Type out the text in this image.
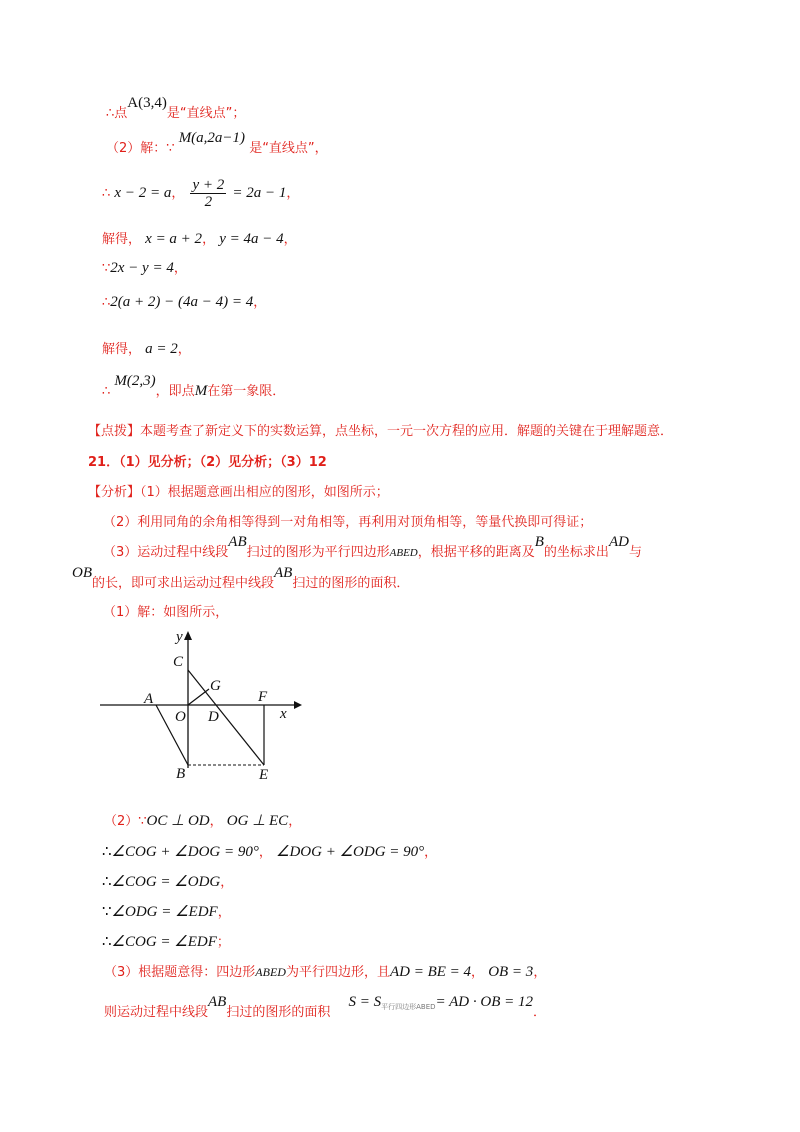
∴点A(3,4)是“直线点”；
（2）解：∵ M(a,2a−1) 是“直线点”，
∴ x − 2 = a， $\frac{y + 2}{2} = 2a - 1$，
解得， x = a + 2， y = 4a − 4，
∵2x − y = 4，
∴2(a + 2) − (4a − 4) = 4，
解得， a = 2，
∴ M(2,3)，即点M在第一象限．
【点拨】本题考查了新定义下的实数运算，点坐标，一元一次方程的应用．解题的关键在于理解题意．
21．（1）见分析；（2）见分析；（3）12
【分析】（1）根据题意画出相应的图形，如图所示；
（2）利用同角的余角相等得到一对角相等，再利用对顶角相等，等量代换即可得证；
（3）运动过程中线段AB扫过的图形为平行四边形ABED，根据平移的距离及B的坐标求出AD与
OB的长，即可求出运动过程中线段AB扫过的图形的面积．
（1）解：如图所示，
y
x
C
G
A
O D
F
B	E
（2）∵OC ⊥ OD， OG ⊥ EC，
∴∠COG + ∠DOG = 90°， ∠DOG + ∠ODG = 90°，
∴∠COG = ∠ODG，
∵∠ODG = ∠EDF，
∴∠COG = ∠EDF；
（3）根据题意得：四边形ABED为平行四边形，且AD = BE = 4， OB = 3，
则运动过程中线段AB扫过的图形的面积 $S = S_{平行四边形ABED}=$ AD · OB = 12．
